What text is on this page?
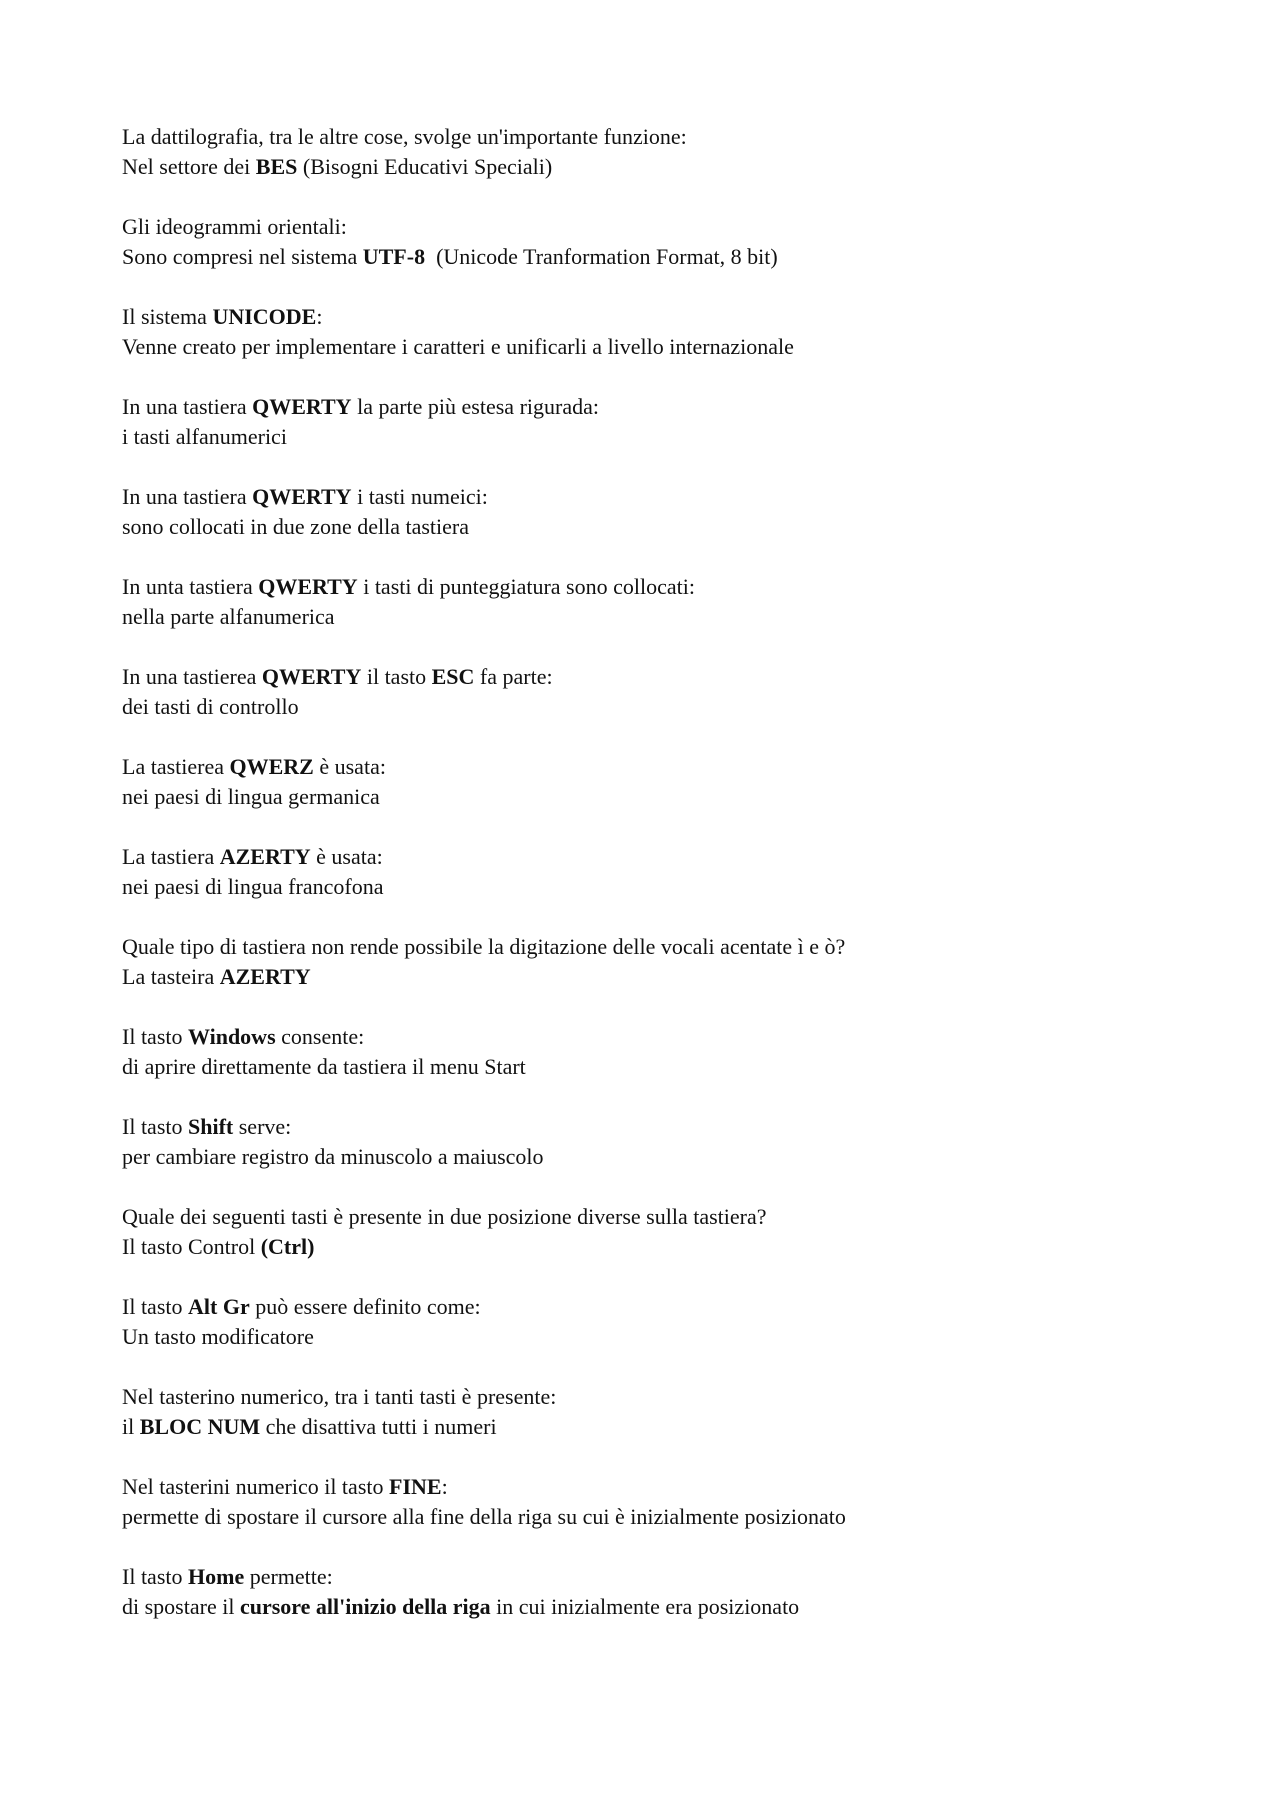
La dattilografia, tra le altre cose, svolge un'importante funzione:

Nel settore dei BES (Bisogni Educativi Speciali)

Gli ideogrammi orientali:

Sono compresi nel sistema UTF-8  (Unicode Tranformation Format, 8 bit)

Il sistema UNICODE:

Venne creato per implementare i caratteri e unificarli a livello internazionale

In una tastiera QWERTY la parte più estesa rigurada:

i tasti alfanumerici

In una tastiera QWERTY i tasti numeici:

sono collocati in due zone della tastiera

In unta tastiera QWERTY i tasti di punteggiatura sono collocati:

nella parte alfanumerica

In una tastierea QWERTY il tasto ESC fa parte:

dei tasti di controllo

La tastierea QWERZ è usata:

nei paesi di lingua germanica

La tastiera AZERTY è usata:

nei paesi di lingua francofona

Quale tipo di tastiera non rende possibile la digitazione delle vocali acentate ì e ò?

La tasteira AZERTY

Il tasto Windows consente:

di aprire direttamente da tastiera il menu Start

Il tasto Shift serve:

per cambiare registro da minuscolo a maiuscolo

Quale dei seguenti tasti è presente in due posizione diverse sulla tastiera?

Il tasto Control (Ctrl)

Il tasto Alt Gr può essere definito come:

Un tasto modificatore

Nel tasterino numerico, tra i tanti tasti è presente:

il BLOC NUM che disattiva tutti i numeri

Nel tasterini numerico il tasto FINE:

permette di spostare il cursore alla fine della riga su cui è inizialmente posizionato

Il tasto Home permette:

di spostare il cursore all'inizio della riga in cui inizialmente era posizionato
